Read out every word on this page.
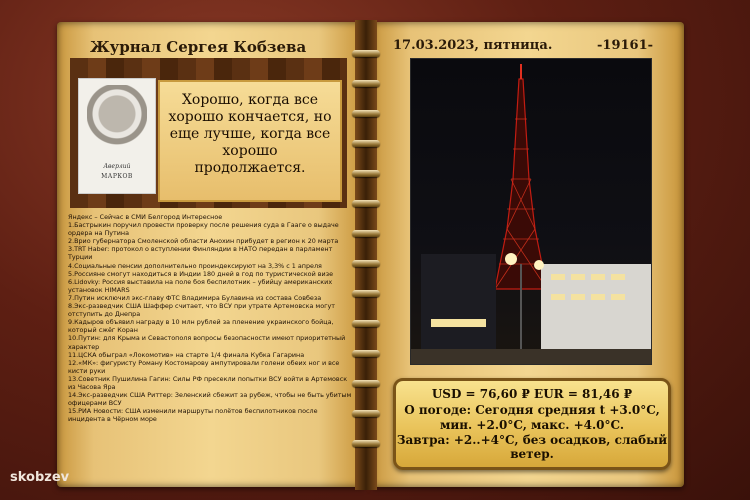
Журнал Сергея Кобзева
Аверлий
МАРКОВ
Хорошо, когда все хорошо кончается, но еще лучше, когда все хорошо продолжается.
Яндекс – Сейчас в СМИ Белгород Интересное
1.Бастрыкин поручил провести проверку после решения суда в Гааге о выдаче ордера на Путина
2.Врио губернатора Смоленской области Анохин прибудет в регион к 20 марта
3.TRT Haber: протокол о вступлении Финляндии в НАТО передан в парламент Турции
4.Социальные пенсии дополнительно проиндексируют на 3,3% с 1 апреля
5.Россияне смогут находиться в Индии 180 дней в год по туристической визе
6.Lidovky: Россия выставила на поле боя беспилотник – убийцу американских установок HIMARS
7.Путин исключил экс-главу ФТС Владимира Булавина из состава Совбеза
8.Экс-разведчик США Шаффер считает, что ВСУ при утрате Артемовска могут отступить до Днепра
9.Кадыров объявил награду в 10 млн рублей за пленение украинского бойца, который сжёг Коран
10.Путин: для Крыма и Севастополя вопросы безопасности имеют приоритетный характер
11.ЦСКА обыграл «Локомотив» на старте 1/4 финала Кубка Гагарина
12.«МК»: фигуристу Роману Костомарову ампутировали голени обеих ног и все кисти руки
13.Советник Пушилина Гагин: Силы РФ пресекли попытки ВСУ войти в Артемовск из Часова Яра
14.Экс-разведчик США Риттер: Зеленский сбежит за рубеж, чтобы не быть убитым офицерами ВСУ
15.РИА Новости: США изменили маршруты полётов беспилотников после инцидента в Чёрном море
17.03.2023, пятница.	-19161-
USD = 76,60 ₽ EUR = 81,46 ₽
О погоде: Сегодня средняя t +3.0°C,
мин. +2.0°C, макс. +4.0°C.
Завтра: +2..+4°C, без осадков, слабый
ветер.
skobzev
